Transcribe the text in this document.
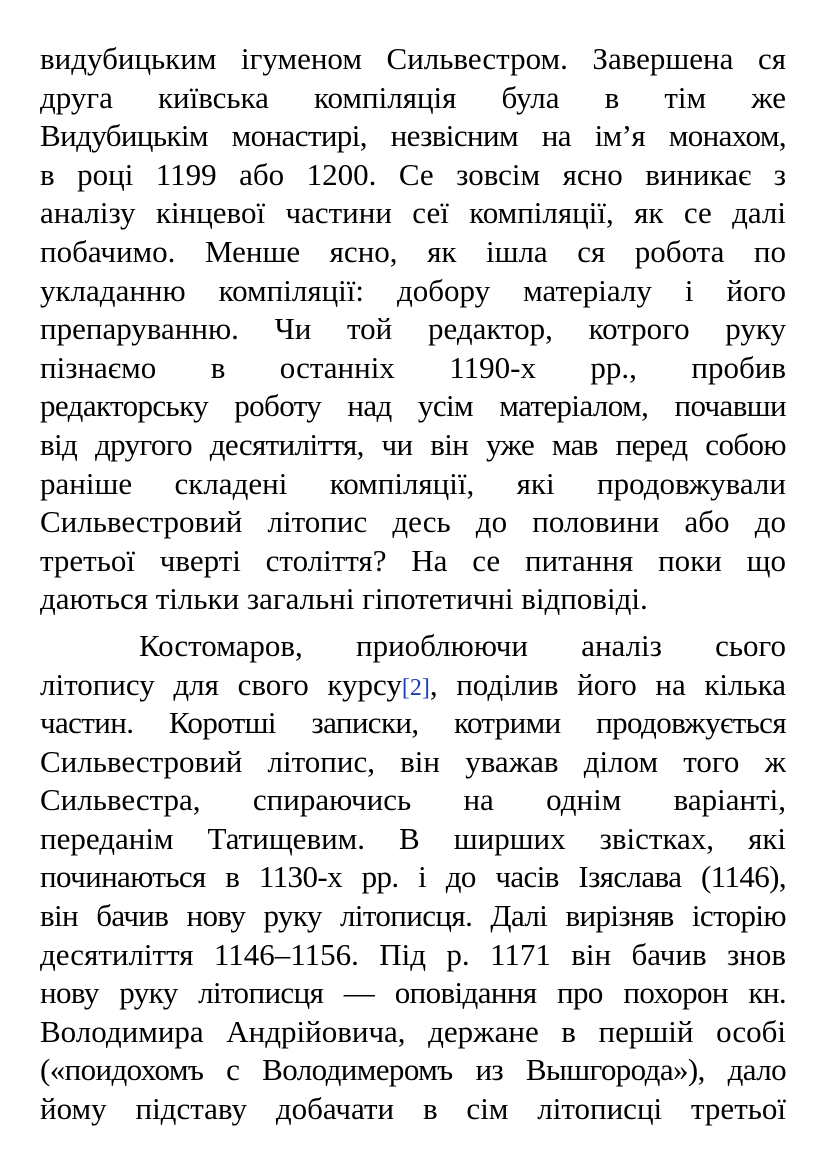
видубицьким ігуменом Сильвестром. Завершена ся
друга київська компіляція була в тім же
Видубицькім монастирі, незвісним на ім’я монахом,
в році 1199 або 1200. Се зовсім ясно виникає з
аналізу кінцевої частини сеї компіляції, як се далі
побачимо. Менше ясно, як ішла ся робота по
укладанню компіляції: добору матеріалу і його
препаруванню. Чи той редактор, котрого руку
пізнаємо в останніх 1190-х рр., пробив
редакторську роботу над усім матеріалом, почавши
від другого десятиліття, чи він уже мав перед собою
раніше складені компіляції, які продовжували
Сильвестровий літопис десь до половини або до
третьої чверті століття? На се питання поки що
даються тільки загальні гіпотетичні відповіді.
Костомаров, приоблюючи аналіз сього
літопису для свого курсу[2], поділив його на кілька
частин. Коротші записки, котрими продовжується
Сильвестровий літопис, він уважав ділом того ж
Сильвестра, спираючись на однім варіанті,
переданім Татищевим. В ширших звістках, які
починаються в 1130-х рр. і до часів Ізяслава (1146),
він бачив нову руку літописця. Далі вирізняв історію
десятиліття 1146–1156. Під р. 1171 він бачив знов
нову руку літописця — оповідання про похорон кн.
Володимира Андрійовича, держане в першій особі
(«поидохомъ с Володимеромъ из Вышгорода»), дало
йому підставу добачати в сім літописці третьої
